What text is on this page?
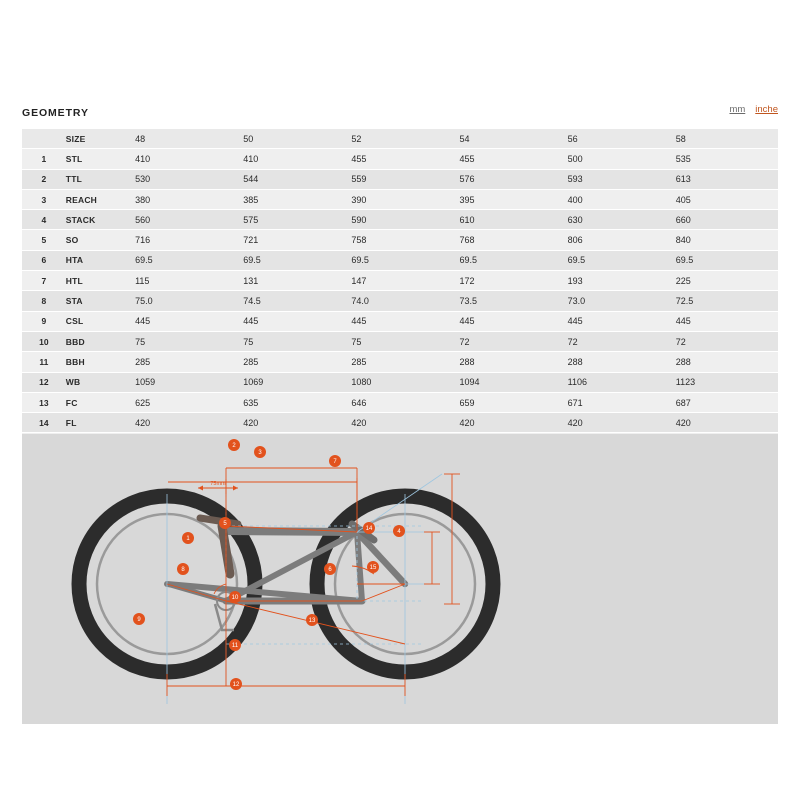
GEOMETRY	mm inche
	SIZE	48	50	52	54	56	58
1	STL	410	410	455	455	500	535
2	TTL	530	544	559	576	593	613
3	REACH	380	385	390	395	400	405
4	STACK	560	575	590	610	630	660
5	SO	716	721	758	768	806	840
6	HTA	69.5	69.5	69.5	69.5	69.5	69.5
7	HTL	115	131	147	172	193	225
8	STA	75.0	74.5	74.0	73.5	73.0	72.5
9	CSL	445	445	445	445	445	445
10	BBD	75	75	75	72	72	72
11	BBH	285	285	285	288	288	288
12	WB	1059	1069	1080	1094	1106	1123
13	FC	625	635	646	659	671	687
14	FL	420	420	420	420	420	420

75mm
1
2
3
4
5
6
7
8
9
10
11
12
13
14
15
